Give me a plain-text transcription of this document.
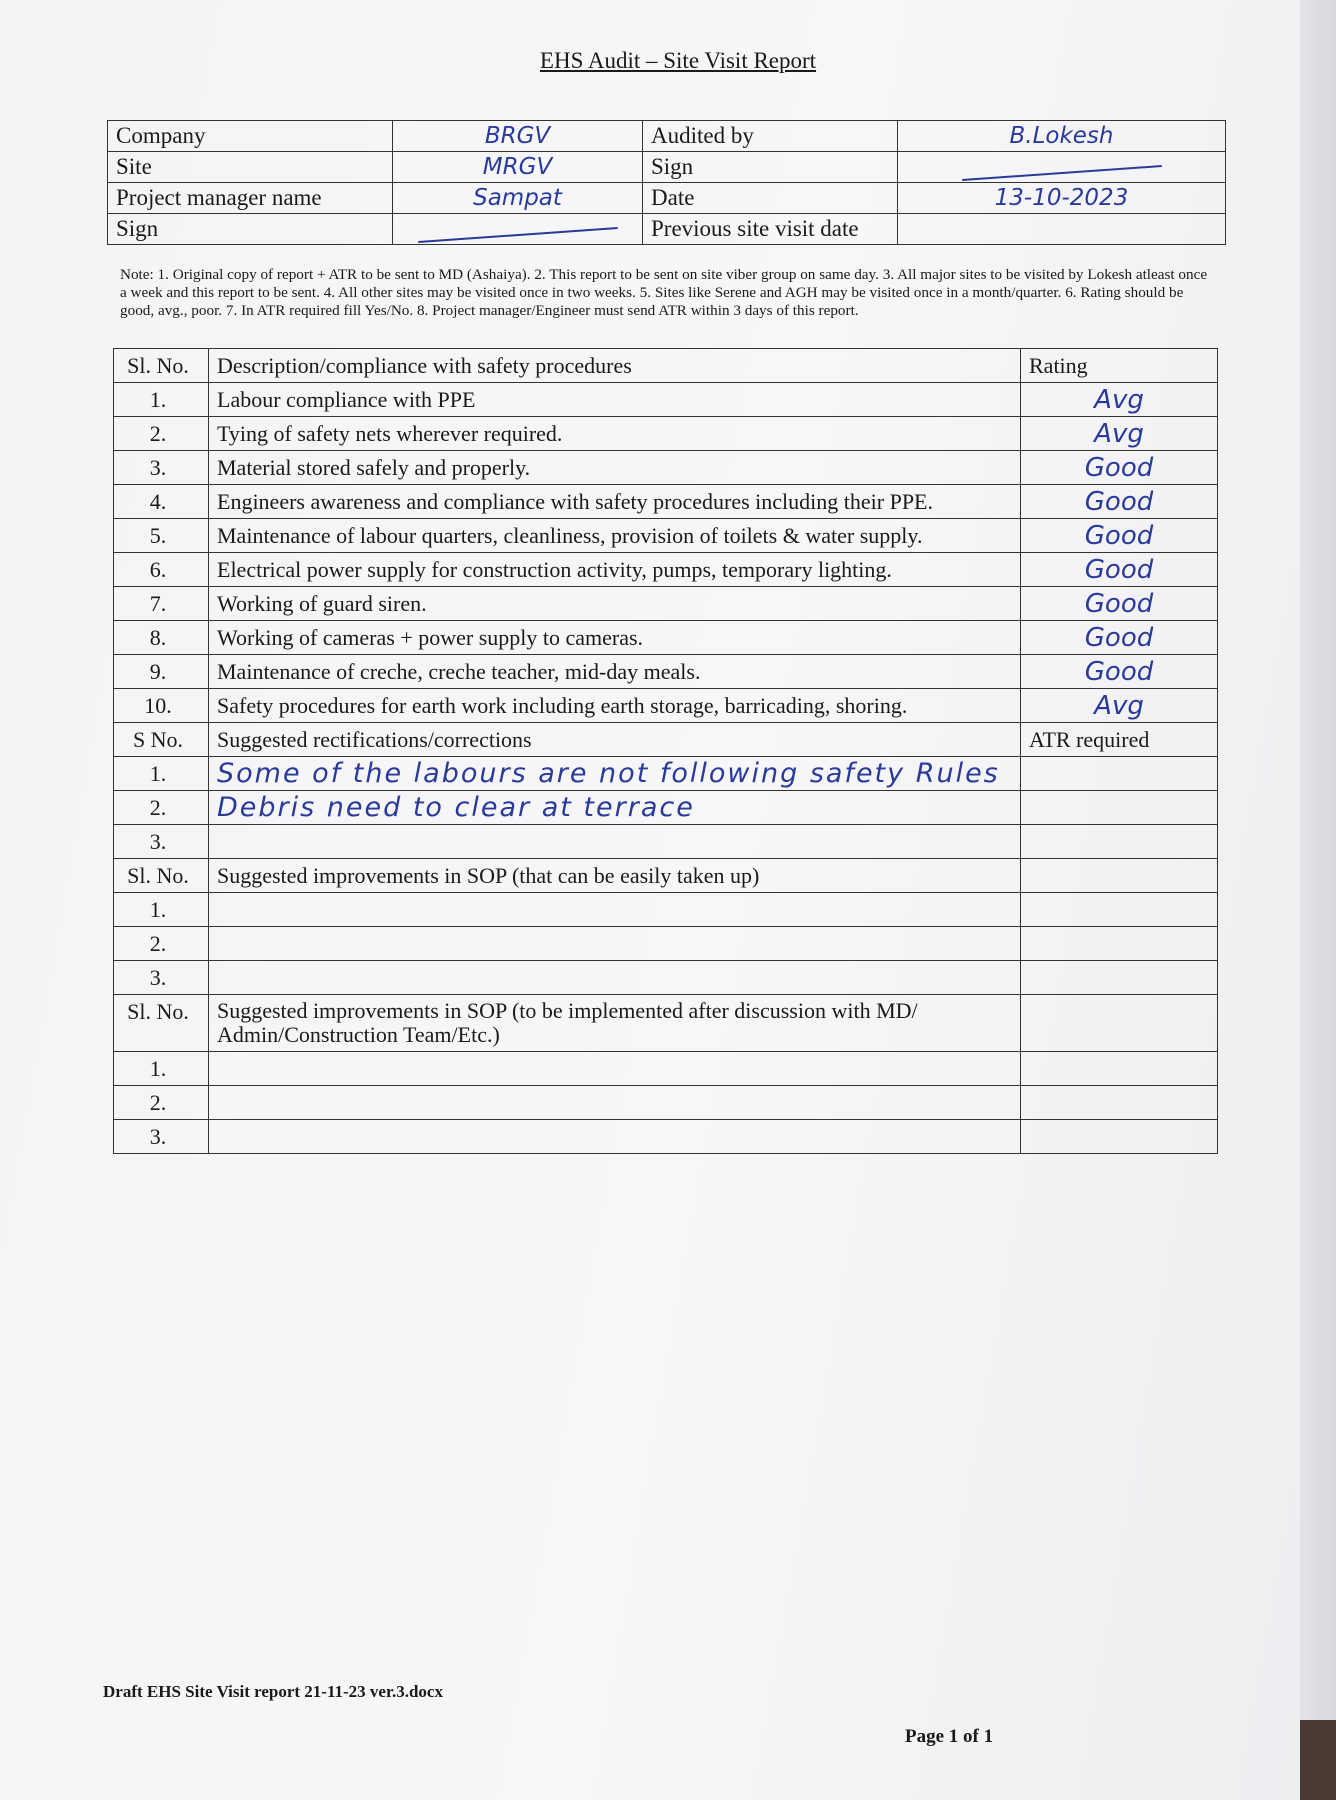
EHS Audit – Site Visit Report
Company	BRGV	Audited by	B.Lokesh
Site	MRGV	Sign	
Project manager name	Sampat	Date	13-10-2023
Sign		Previous site visit date	
Note: 1. Original copy of report + ATR to be sent to MD (Ashaiya). 2. This report to be sent on site viber group on same day. 3. All major sites to be visited by Lokesh atleast once a week and this report to be sent. 4. All other sites may be visited once in two weeks. 5. Sites like Serene and AGH may be visited once in a month/quarter. 6. Rating should be good, avg., poor. 7. In ATR required fill Yes/No. 8. Project manager/Engineer must send ATR within 3 days of this report.
Sl. No.	Description/compliance with safety procedures	Rating
1.	Labour compliance with PPE	Avg
2.	Tying of safety nets wherever required.	Avg
3.	Material stored safely and properly.	Good
4.	Engineers awareness and compliance with safety procedures including their PPE.	Good
5.	Maintenance of labour quarters, cleanliness, provision of toilets & water supply.	Good
6.	Electrical power supply for construction activity, pumps, temporary lighting.	Good
7.	Working of guard siren.	Good
8.	Working of cameras + power supply to cameras.	Good
9.	Maintenance of creche, creche teacher, mid-day meals.	Good
10.	Safety procedures for earth work including earth storage, barricading, shoring.	Avg
S No.	Suggested rectifications/corrections	ATR required
1.	Some of the labours are not following safety Rules	
2.	Debris need to clear at terrace	
3.		
Sl. No.	Suggested improvements in SOP (that can be easily taken up)	
1.		
2.		
3.		
Sl. No.	Suggested improvements in SOP (to be implemented after discussion with MD/ Admin/Construction Team/Etc.)	
1.		
2.		
3.		
Draft EHS Site Visit report 21-11-23 ver.3.docx
Page 1 of 1
